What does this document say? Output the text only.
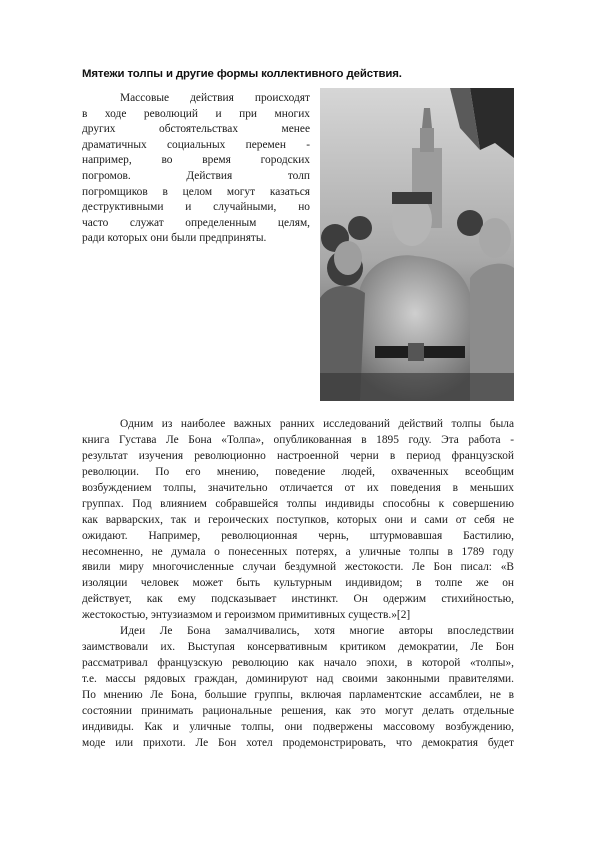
Мятежи толпы и другие формы коллективного действия.
Массовые действия происходят
в ходе революций и при многих
других обстоятельствах менее
драматичных социальных перемен -
например, во время городских
погромов. Действия толп
погромщиков в целом могут казаться
деструктивными и случайными, но
часто служат определенным целям,
ради которых они были предприняты.
Одним из наиболее важных ранних исследований действий толпы была
книга Густава Ле Бона «Толпа», опубликованная в 1895 году. Эта работа -
результат изучения революционно настроенной черни в период французской
революции. По его мнению, поведение людей, охваченных всеобщим
возбуждением толпы, значительно отличается от их поведения в меньших
группах. Под влиянием собравшейся толпы индивиды способны к совершению
как варварских, так и героических поступков, которых они и сами от себя не
ожидают. Например, революционная чернь, штурмовавшая Бастилию,
несомненно, не думала о понесенных потерях, а уличные толпы в 1789 году
явили миру многочисленные случаи бездумной жестокости. Ле Бон писал: «В
изоляции человек может быть культурным индивидом; в толпе же он
действует, как ему подсказывает инстинкт. Он одержим стихийностью,
жестокостью, энтузиазмом и героизмом примитивных существ.»[2]
Идеи Ле Бона замалчивались, хотя многие авторы впоследствии
заимствовали их. Выступая консервативным критиком демократии, Ле Бон
рассматривал французскую революцию как начало эпохи, в которой «толпы»,
т.е. массы рядовых граждан, доминируют над своими законными правителями.
По мнению Ле Бона, большие группы, включая парламентские ассамблеи, не в
состоянии принимать рациональные решения, как это могут делать отдельные
индивиды. Как и уличные толпы, они подвержены массовому возбуждению,
моде или прихоти. Ле Бон хотел продемонстрировать, что демократия будет
